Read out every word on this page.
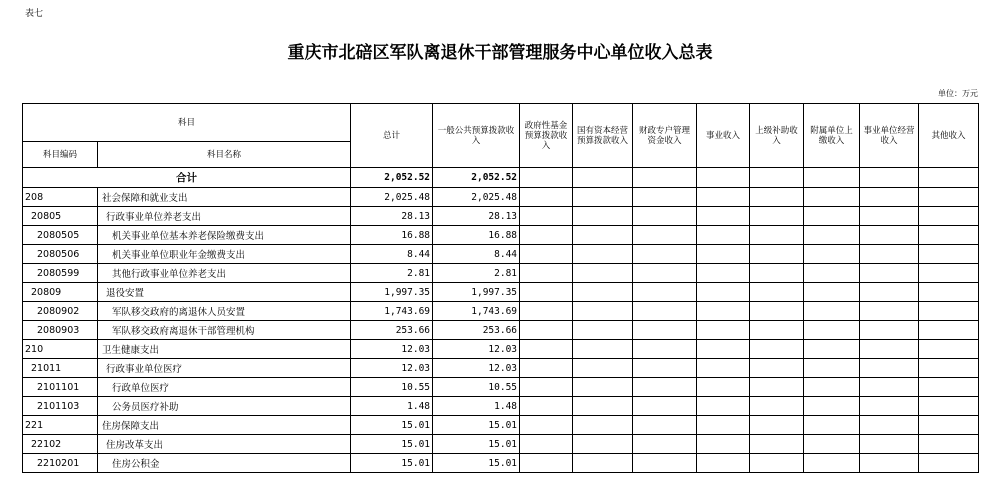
表七
重庆市北碚区军队离退休干部管理服务中心单位收入总表
单位：万元
科目		总计	一般公共预算拨款收入	政府性基金预算拨款收入	国有资本经营预算拨款收入	财政专户管理资金收入	事业收入	上级补助收入	附属单位上缴收入	事业单位经营收入	其他收入
科目编码	科目名称										
合计		2,052.52	2,052.52								
208	社会保障和就业支出	2,025.48	2,025.48								
20805	行政事业单位养老支出	28.13	28.13								
2080505	机关事业单位基本养老保险缴费支出	16.88	16.88								
2080506	机关事业单位职业年金缴费支出	8.44	8.44								
2080599	其他行政事业单位养老支出	2.81	2.81								
20809	退役安置	1,997.35	1,997.35								
2080902	军队移交政府的离退休人员安置	1,743.69	1,743.69								
2080903	军队移交政府离退休干部管理机构	253.66	253.66								
210	卫生健康支出	12.03	12.03								
21011	行政事业单位医疗	12.03	12.03								
2101101	行政单位医疗	10.55	10.55								
2101103	公务员医疗补助	1.48	1.48								
221	住房保障支出	15.01	15.01								
22102	住房改革支出	15.01	15.01								
2210201	住房公积金	15.01	15.01								
